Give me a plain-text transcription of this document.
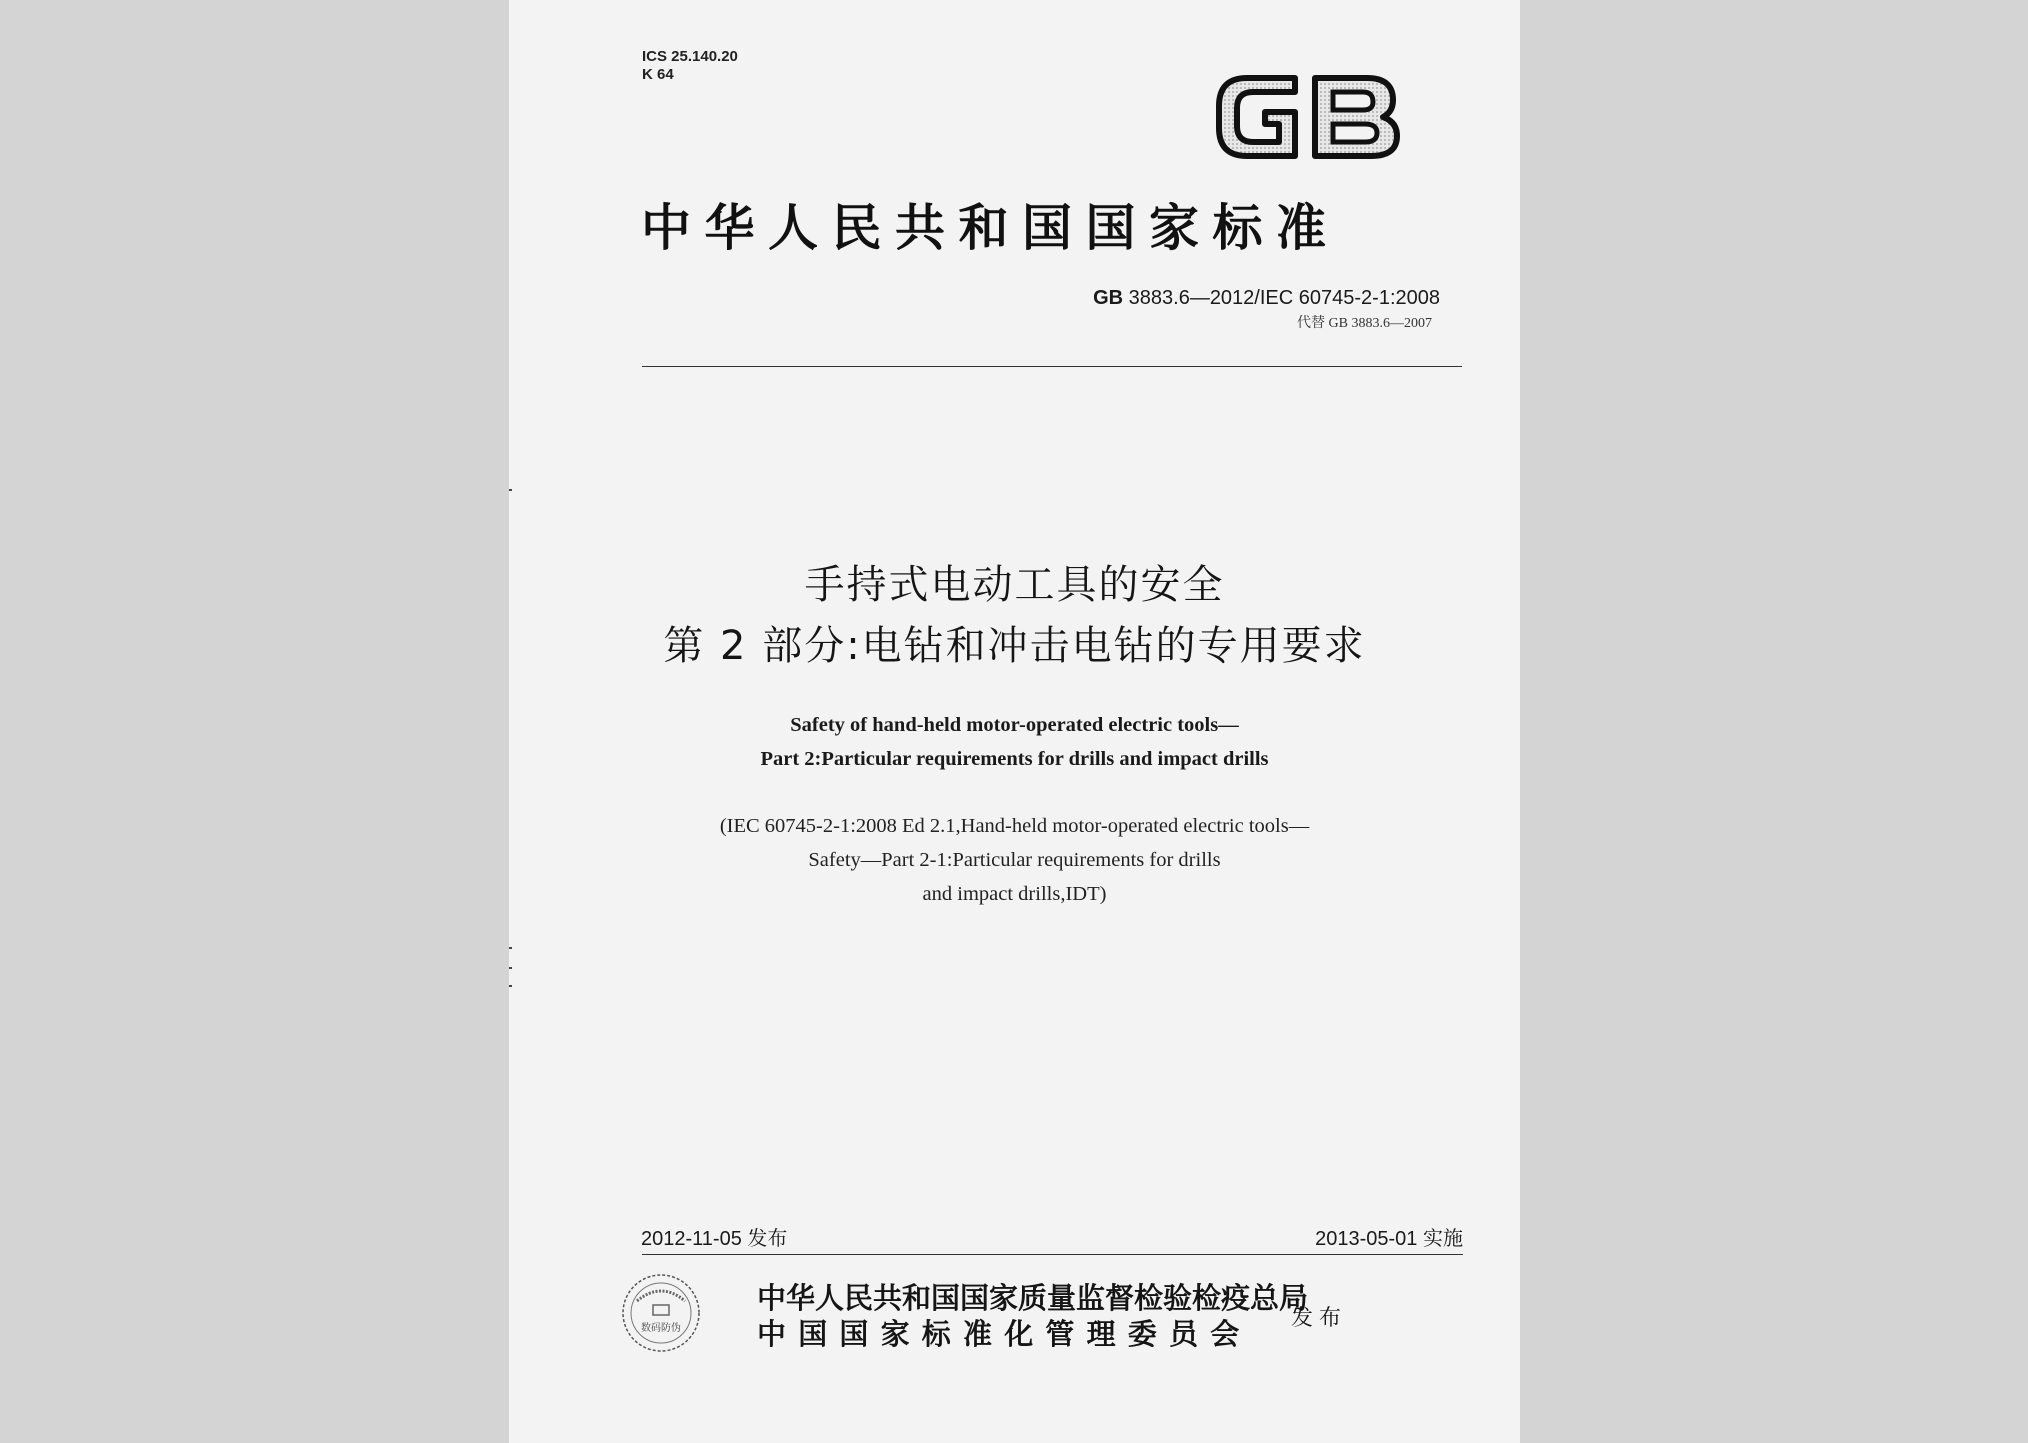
ICS 25.140.20
K 64
中华人民共和国国家标准
GB 3883.6—2012/IEC 60745-2-1:2008
代替 GB 3883.6—2007
手持式电动工具的安全
第 2 部分:电钻和冲击电钻的专用要求
Safety of hand-held motor-operated electric tools—
Part 2:Particular requirements for drills and impact drills
(IEC 60745-2-1:2008 Ed 2.1,Hand-held motor-operated electric tools—
Safety—Part 2-1:Particular requirements for drills
and impact drills,IDT)
2012-11-05 发布	2013-05-01 实施
数码防伪
中华人民共和国国家质量监督检验检疫总局
中国国家标准化管理委员会	发布
